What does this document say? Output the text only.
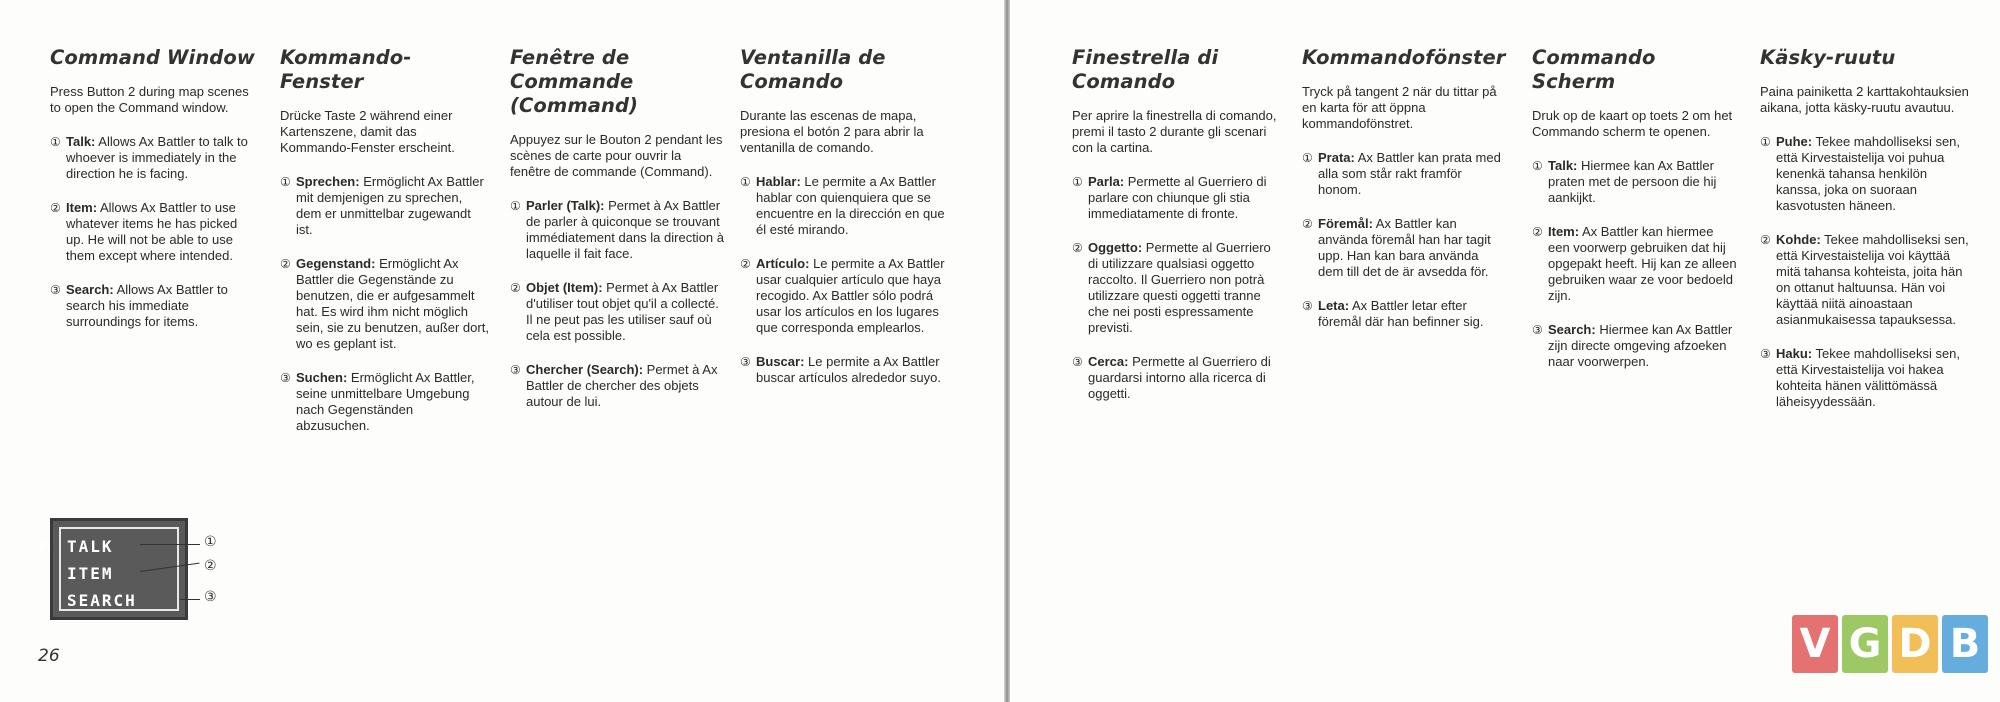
Command Window

Press Button 2 during map scenes to open the Command window.

① Talk: Allows Ax Battler to talk to whoever is immediately in the direction he is facing.

② Item: Allows Ax Battler to use whatever items he has picked up. He will not be able to use them except where intended.

③ Search: Allows Ax Battler to search his immediate surroundings for items.

Kommando-Fenster

Drücke Taste 2 während einer Kartenszene, damit das Kommando-Fenster erscheint.

① Sprechen: Ermöglicht Ax Battler mit demjenigen zu sprechen, dem er unmittelbar zugewandt ist.

② Gegenstand: Ermöglicht Ax Battler die Gegenstände zu benutzen, die er aufgesammelt hat. Es wird ihm nicht möglich sein, sie zu benutzen, außer dort, wo es geplant ist.

③ Suchen: Ermöglicht Ax Battler, seine unmittelbare Umgebung nach Gegenständen abzusuchen.

Fenêtre de Commande (Command)

Appuyez sur le Bouton 2 pendant les scènes de carte pour ouvrir la fenêtre de commande (Command).

① Parler (Talk): Permet à Ax Battler de parler à quiconque se trouvant immédiatement dans la direction à laquelle il fait face.

② Objet (Item): Permet à Ax Battler d'utiliser tout objet qu'il a collecté. Il ne peut pas les utiliser sauf où cela est possible.

③ Chercher (Search): Permet à Ax Battler de chercher des objets autour de lui.

Ventanilla de Comando

Durante las escenas de mapa, presiona el botón 2 para abrir la ventanilla de comando.

① Hablar: Le permite a Ax Battler hablar con quienquiera que se encuentre en la dirección en que él esté mirando.

② Artículo: Le permite a Ax Battler usar cualquier artículo que haya recogido. Ax Battler sólo podrá usar los artículos en los lugares que corresponda emplearlos.

③ Buscar: Le permite a Ax Battler buscar artículos alrededor suyo.

Finestrella di Comando

Per aprire la finestrella di comando, premi il tasto 2 durante gli scenari con la cartina.

① Parla: Permette al Guerriero di parlare con chiunque gli stia immediatamente di fronte.

② Oggetto: Permette al Guerriero di utilizzare qualsiasi oggetto raccolto. Il Guerriero non potrà utilizzare questi oggetti tranne che nei posti espressamente previsti.

③ Cerca: Permette al Guerriero di guardarsi intorno alla ricerca di oggetti.

Kommandofönster

Tryck på tangent 2 när du tittar på en karta för att öppna kommandofönstret.

① Prata: Ax Battler kan prata med alla som står rakt framför honom.

② Föremål: Ax Battler kan använda föremål han har tagit upp. Han kan bara använda dem till det de är avsedda för.

③ Leta: Ax Battler letar efter föremål där han befinner sig.

Commando Scherm

Druk op de kaart op toets 2 om het Commando scherm te openen.

① Talk: Hiermee kan Ax Battler praten met de persoon die hij aankijkt.

② Item: Ax Battler kan hiermee een voorwerp gebruiken dat hij opgepakt heeft. Hij kan ze alleen gebruiken waar ze voor bedoeld zijn.

③ Search: Hiermee kan Ax Battler zijn directe omgeving afzoeken naar voorwerpen.

Käsky-ruutu

Paina painiketta 2 karttakohtauksien aikana, jotta käsky-ruutu avautuu.

① Puhe: Tekee mahdolliseksi sen, että Kirvestaistelija voi puhua kenenkä tahansa henkilön kanssa, joka on suoraan kasvotusten häneen.

② Kohde: Tekee mahdolliseksi sen, että Kirvestaistelija voi käyttää mitä tahansa kohteista, joita hän on ottanut haltuunsa. Hän voi käyttää niitä ainoastaan asianmukaisessa tapauksessa.

③ Haku: Tekee mahdolliseksi sen, että Kirvestaistelija voi hakea kohteita hänen välittömässä läheisyydessään.

TALK
ITEM
SEARCH
①
②
③
26	V G D B
